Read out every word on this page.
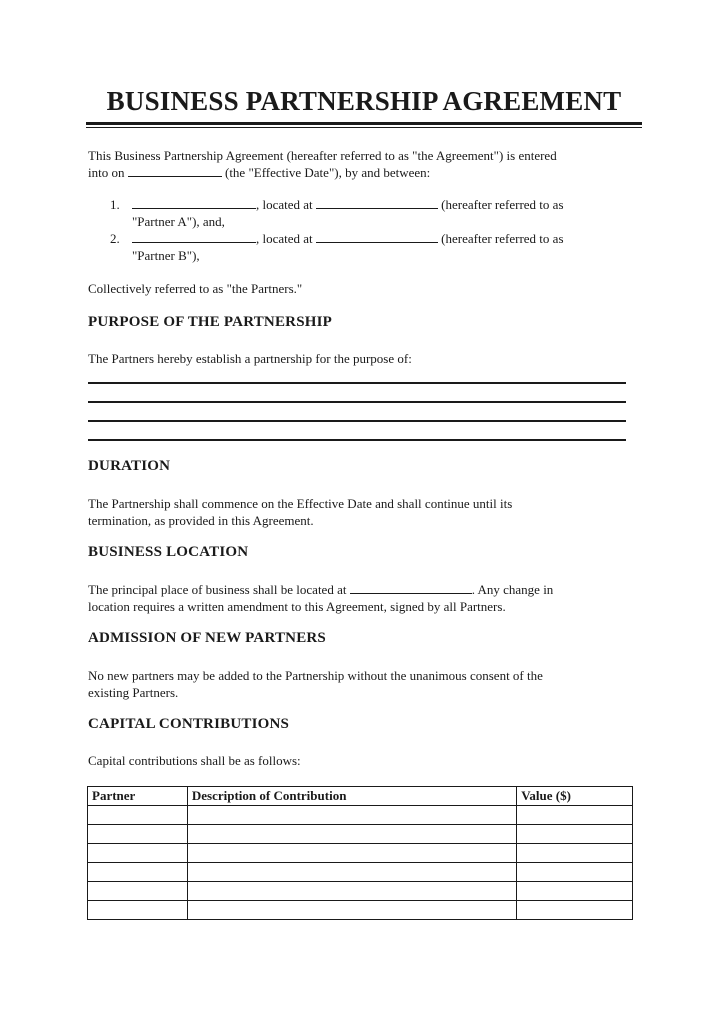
BUSINESS PARTNERSHIP AGREEMENT
This Business Partnership Agreement (hereafter referred to as "the Agreement") is entered
into on	(the "Effective Date"), by and between:
1.	, located at	(hereafter referred to as
"Partner A"), and,
2.	, located at	(hereafter referred to as
"Partner B"),
Collectively referred to as "the Partners."
PURPOSE OF THE PARTNERSHIP
The Partners hereby establish a partnership for the purpose of:
DURATION
The Partnership shall commence on the Effective Date and shall continue until its
termination, as provided in this Agreement.
BUSINESS LOCATION
The principal place of business shall be located at	. Any change in
location requires a written amendment to this Agreement, signed by all Partners.
ADMISSION OF NEW PARTNERS
No new partners may be added to the Partnership without the unanimous consent of the
existing Partners.
CAPITAL CONTRIBUTIONS
Capital contributions shall be as follows:
Partner	Description of Contribution	Value ($)
